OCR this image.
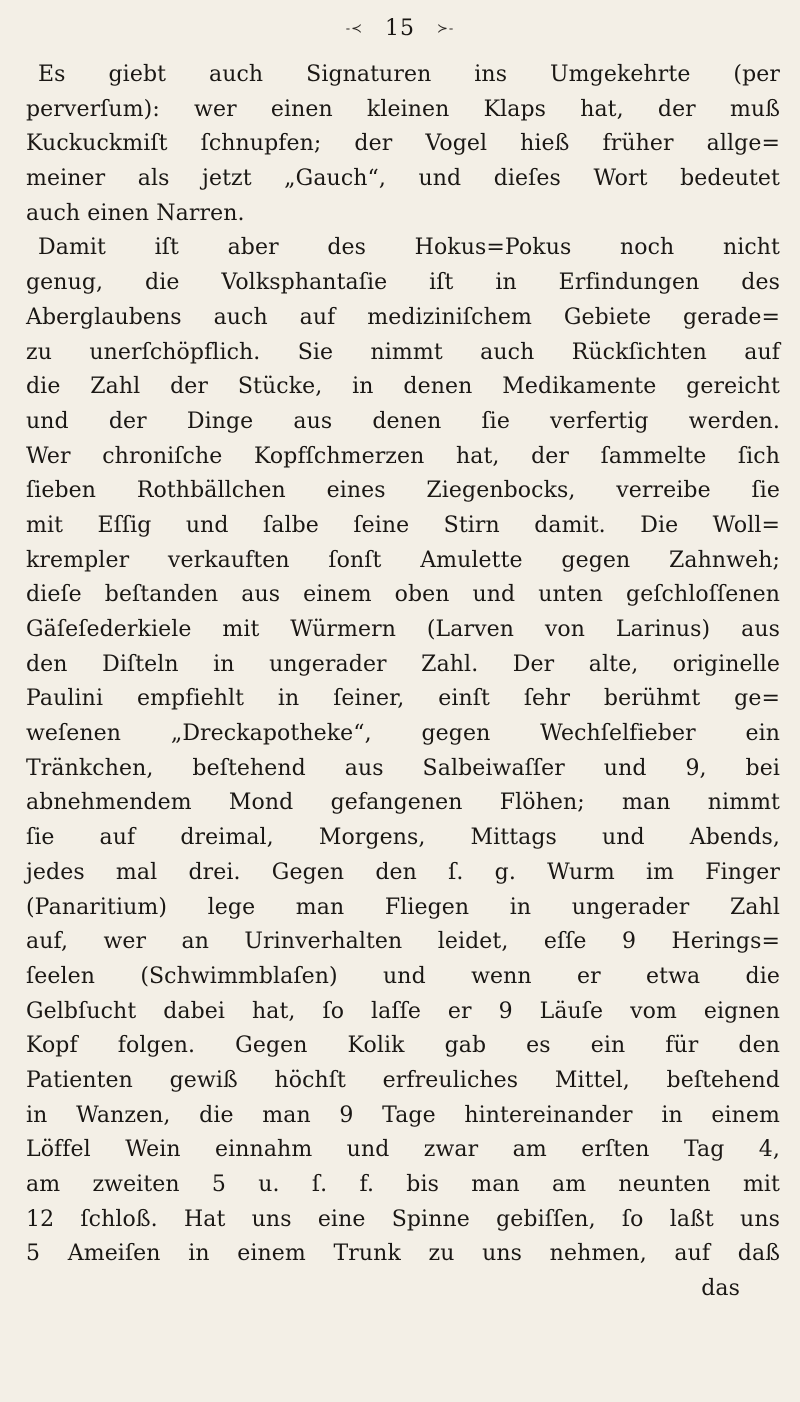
-≺ 15 ≻-
Es giebt auch Signaturen ins Umgekehrte (per
perverſum): wer einen kleinen Klaps hat, der muß
Kuckuckmiſt ſchnupfen; der Vogel hieß früher allge=
meiner als jetzt „Gauch“, und dieſes Wort bedeutet
auch einen Narren.
Damit iſt aber des Hokus=Pokus noch nicht
genug, die Volksphantaſie iſt in Erfindungen des
Aberglaubens auch auf mediziniſchem Gebiete gerade=
zu unerſchöpflich. Sie nimmt auch Rückſichten auf
die Zahl der Stücke, in denen Medikamente gereicht
und der Dinge aus denen ſie verfertig werden.
Wer chroniſche Kopfſchmerzen hat, der ſammelte ſich
ſieben Rothbällchen eines Ziegenbocks, verreibe ſie
mit Eſſig und ſalbe ſeine Stirn damit. Die Woll=
krempler verkauften ſonſt Amulette gegen Zahnweh;
dieſe beſtanden aus einem oben und unten geſchloſſenen
Gäſeſederkiele mit Würmern (Larven von Larinus) aus
den Diſteln in ungerader Zahl. Der alte, originelle
Paulini empfiehlt in ſeiner, einſt ſehr berühmt ge=
weſenen „Dreckapotheke“, gegen Wechſelfieber ein
Tränkchen, beſtehend aus Salbeiwaſſer und 9, bei
abnehmendem Mond gefangenen Flöhen; man nimmt
ſie auf dreimal, Morgens, Mittags und Abends,
jedes mal drei. Gegen den ſ. g. Wurm im Finger
(Panaritium) lege man Fliegen in ungerader Zahl
auf, wer an Urinverhalten leidet, eſſe 9 Herings=
ſeelen (Schwimmblaſen) und wenn er etwa die
Gelbſucht dabei hat, ſo laſſe er 9 Läuſe vom eignen
Kopf folgen. Gegen Kolik gab es ein für den
Patienten gewiß höchſt erfreuliches Mittel, beſtehend
in Wanzen, die man 9 Tage hintereinander in einem
Löffel Wein einnahm und zwar am erſten Tag 4,
am zweiten 5 u. ſ. f. bis man am neunten mit
12 ſchloß. Hat uns eine Spinne gebiſſen, ſo laßt uns
5 Ameiſen in einem Trunk zu uns nehmen, auf daß
das
